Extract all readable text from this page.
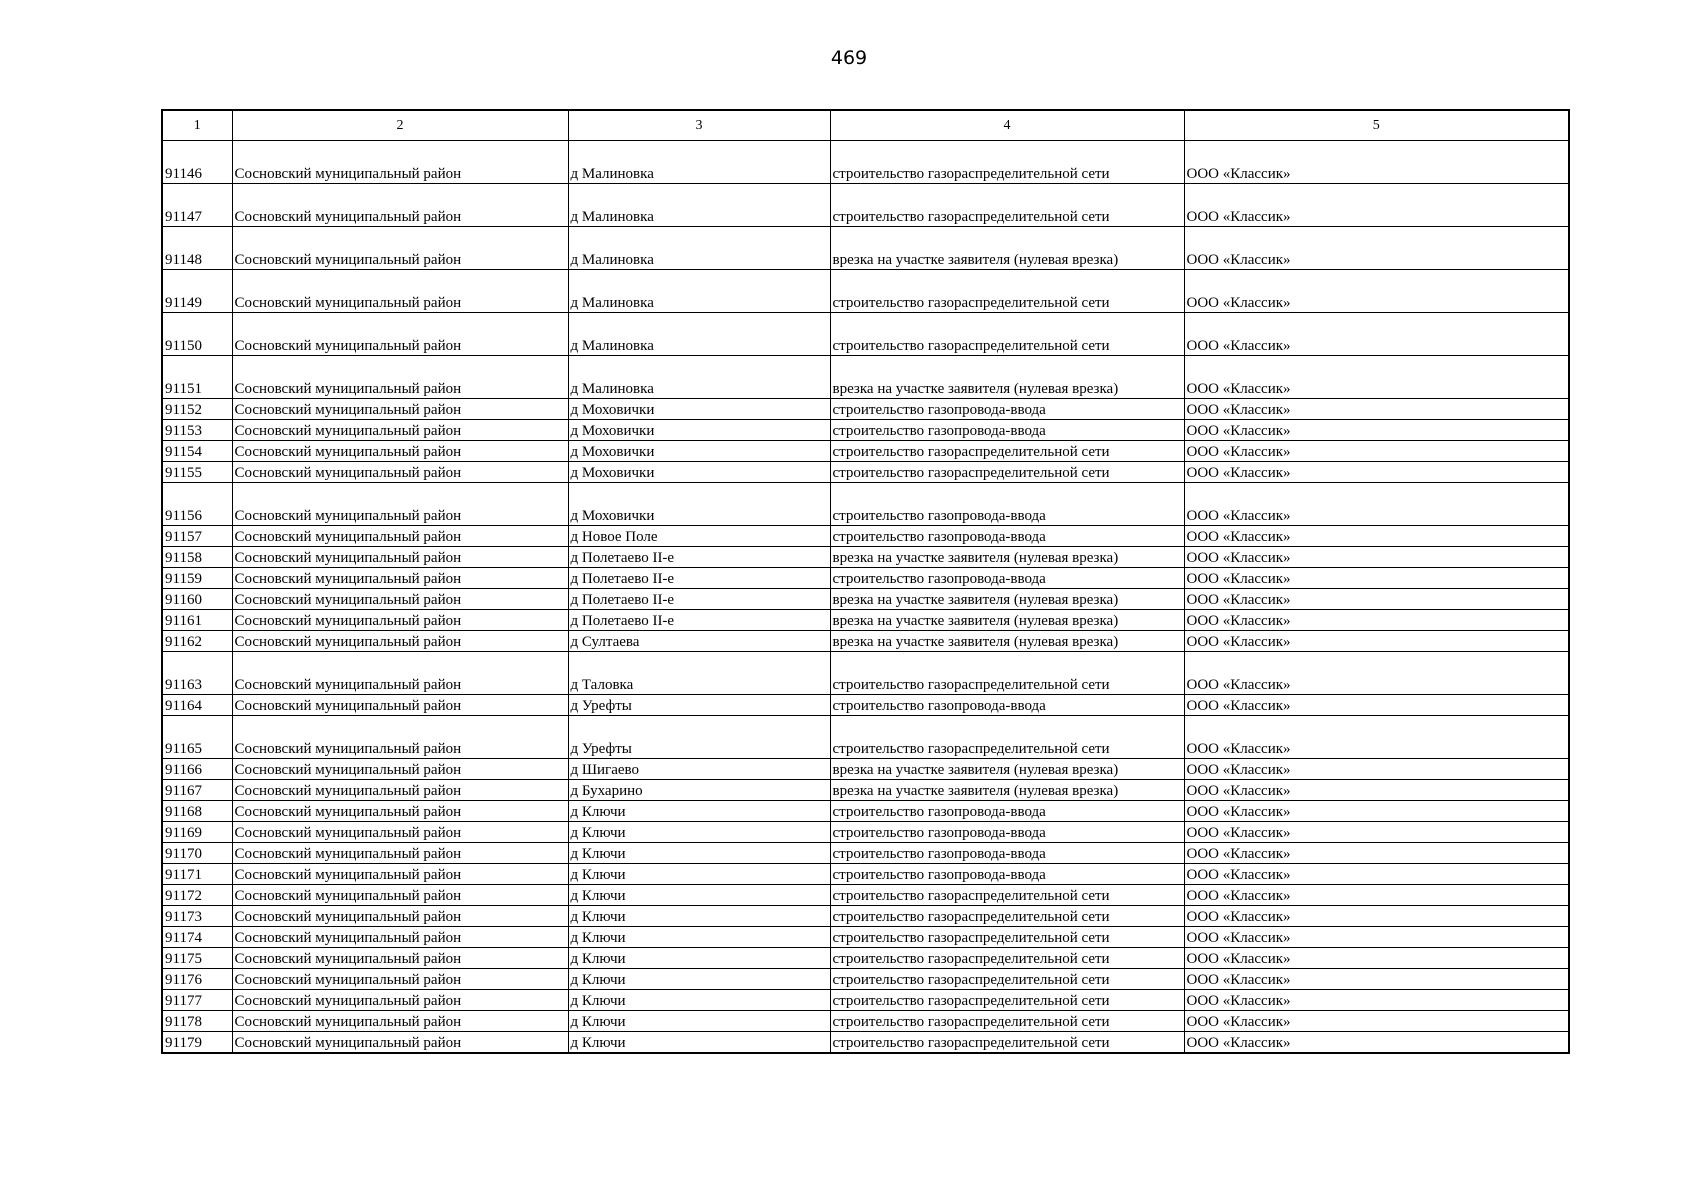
469
1	2	3	4	5
91146	Сосновский муниципальный район	д Малиновка	строительство газораспределительной сети	ООО «Классик»
91147	Сосновский муниципальный район	д Малиновка	строительство газораспределительной сети	ООО «Классик»
91148	Сосновский муниципальный район	д Малиновка	врезка на участке заявителя (нулевая врезка)	ООО «Классик»
91149	Сосновский муниципальный район	д Малиновка	строительство газораспределительной сети	ООО «Классик»
91150	Сосновский муниципальный район	д Малиновка	строительство газораспределительной сети	ООО «Классик»
91151	Сосновский муниципальный район	д Малиновка	врезка на участке заявителя (нулевая врезка)	ООО «Классик»
91152	Сосновский муниципальный район	д Моховички	строительство газопровода-ввода	ООО «Классик»
91153	Сосновский муниципальный район	д Моховички	строительство газопровода-ввода	ООО «Классик»
91154	Сосновский муниципальный район	д Моховички	строительство газораспределительной сети	ООО «Классик»
91155	Сосновский муниципальный район	д Моховички	строительство газораспределительной сети	ООО «Классик»
91156	Сосновский муниципальный район	д Моховички	строительство газопровода-ввода	ООО «Классик»
91157	Сосновский муниципальный район	д Новое Поле	строительство газопровода-ввода	ООО «Классик»
91158	Сосновский муниципальный район	д Полетаево II-е	врезка на участке заявителя (нулевая врезка)	ООО «Классик»
91159	Сосновский муниципальный район	д Полетаево II-е	строительство газопровода-ввода	ООО «Классик»
91160	Сосновский муниципальный район	д Полетаево II-е	врезка на участке заявителя (нулевая врезка)	ООО «Классик»
91161	Сосновский муниципальный район	д Полетаево II-е	врезка на участке заявителя (нулевая врезка)	ООО «Классик»
91162	Сосновский муниципальный район	д Султаева	врезка на участке заявителя (нулевая врезка)	ООО «Классик»
91163	Сосновский муниципальный район	д Таловка	строительство газораспределительной сети	ООО «Классик»
91164	Сосновский муниципальный район	д Урефты	строительство газопровода-ввода	ООО «Классик»
91165	Сосновский муниципальный район	д Урефты	строительство газораспределительной сети	ООО «Классик»
91166	Сосновский муниципальный район	д Шигаево	врезка на участке заявителя (нулевая врезка)	ООО «Классик»
91167	Сосновский муниципальный район	д Бухарино	врезка на участке заявителя (нулевая врезка)	ООО «Классик»
91168	Сосновский муниципальный район	д Ключи	строительство газопровода-ввода	ООО «Классик»
91169	Сосновский муниципальный район	д Ключи	строительство газопровода-ввода	ООО «Классик»
91170	Сосновский муниципальный район	д Ключи	строительство газопровода-ввода	ООО «Классик»
91171	Сосновский муниципальный район	д Ключи	строительство газопровода-ввода	ООО «Классик»
91172	Сосновский муниципальный район	д Ключи	строительство газораспределительной сети	ООО «Классик»
91173	Сосновский муниципальный район	д Ключи	строительство газораспределительной сети	ООО «Классик»
91174	Сосновский муниципальный район	д Ключи	строительство газораспределительной сети	ООО «Классик»
91175	Сосновский муниципальный район	д Ключи	строительство газораспределительной сети	ООО «Классик»
91176	Сосновский муниципальный район	д Ключи	строительство газораспределительной сети	ООО «Классик»
91177	Сосновский муниципальный район	д Ключи	строительство газораспределительной сети	ООО «Классик»
91178	Сосновский муниципальный район	д Ключи	строительство газораспределительной сети	ООО «Классик»
91179	Сосновский муниципальный район	д Ключи	строительство газораспределительной сети	ООО «Классик»
